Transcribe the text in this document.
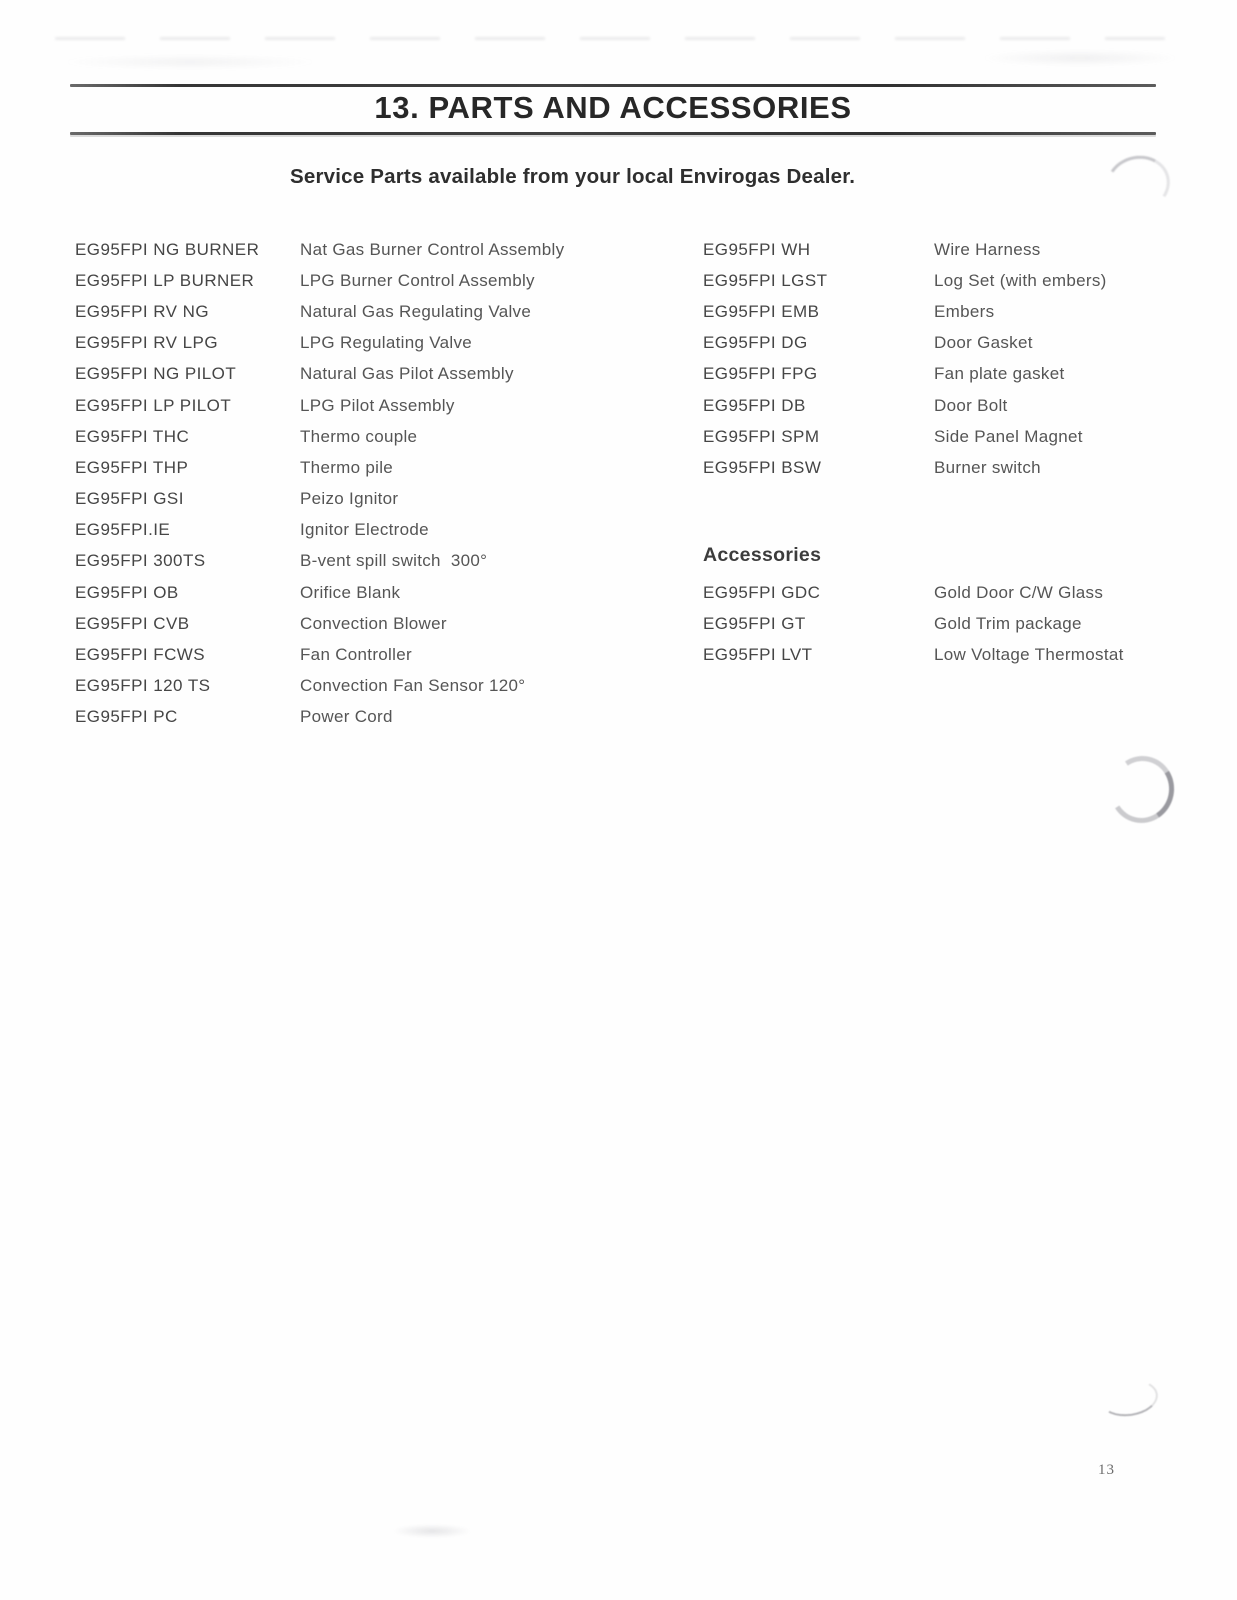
13. PARTS AND ACCESSORIES
Service Parts available from your local Envirogas Dealer.
EG95FPI NG BURNER	Nat Gas Burner Control Assembly
EG95FPI LP BURNER	LPG Burner Control Assembly
EG95FPI RV NG	Natural Gas Regulating Valve
EG95FPI RV LPG	LPG Regulating Valve
EG95FPI NG PILOT	Natural Gas Pilot Assembly
EG95FPI LP PILOT	LPG Pilot Assembly
EG95FPI THC	Thermo couple
EG95FPI THP	Thermo pile
EG95FPI GSI	Peizo Ignitor
EG95FPI.IE	Ignitor Electrode
EG95FPI 300TS	B-vent spill switch  300°
EG95FPI OB	Orifice Blank
EG95FPI CVB	Convection Blower
EG95FPI FCWS	Fan Controller
EG95FPI 120 TS	Convection Fan Sensor 120°
EG95FPI PC	Power Cord
EG95FPI WH	Wire Harness
EG95FPI LGST	Log Set (with embers)
EG95FPI EMB	Embers
EG95FPI DG	Door Gasket
EG95FPI FPG	Fan plate gasket
EG95FPI DB	Door Bolt
EG95FPI SPM	Side Panel Magnet
EG95FPI BSW	Burner switch
Accessories
EG95FPI GDC	Gold Door C/W Glass
EG95FPI GT	Gold Trim package
EG95FPI LVT	Low Voltage Thermostat
13
